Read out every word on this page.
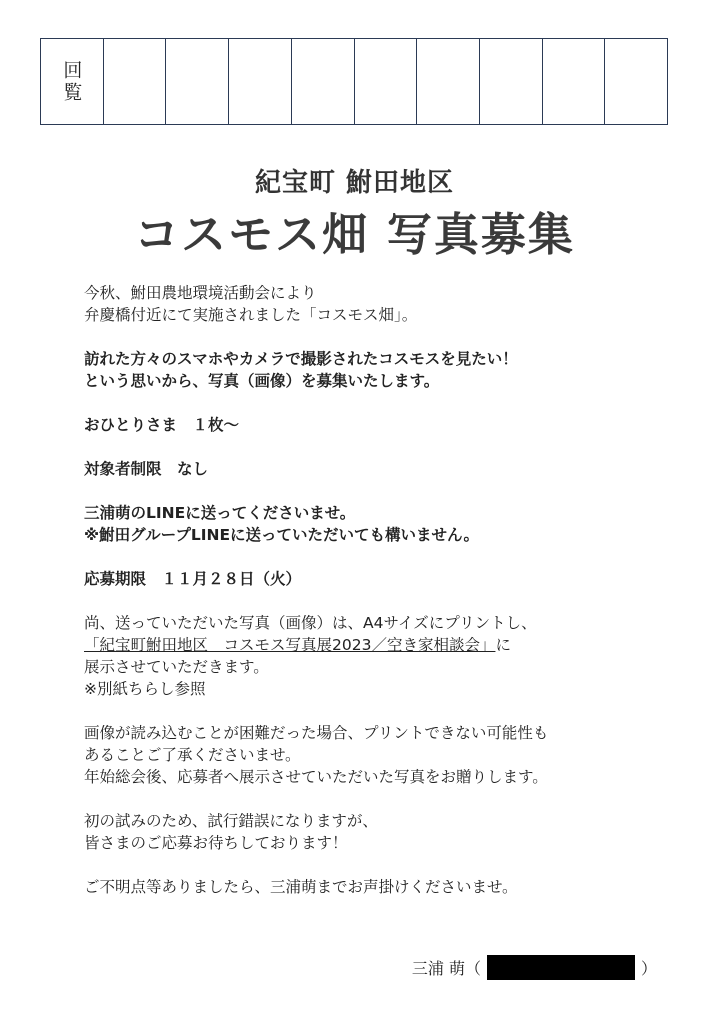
回覧
紀宝町 鮒田地区
コスモス畑 写真募集

今秋、鮒田農地環境活動会により
弁慶橋付近にて実施されました「コスモス畑」。

訪れた方々のスマホやカメラで撮影されたコスモスを見たい！
という思いから、写真（画像）を募集いたします。

おひとりさま　１枚～

対象者制限　なし

三浦萌のLINEに送ってくださいませ。
※鮒田グループLINEに送っていただいても構いません。

応募期限　１１月２８日（火）

尚、送っていただいた写真（画像）は、A4サイズにプリントし、
「紀宝町鮒田地区　コスモス写真展2023／空き家相談会」に
展示させていただきます。
※別紙ちらし参照

画像が読み込むことが困難だった場合、プリントできない可能性も
あることご了承くださいませ。
年始総会後、応募者へ展示させていただいた写真をお贈りします。

初の試みのため、試行錯誤になりますが、
皆さまのご応募お待ちしております！

ご不明点等ありましたら、三浦萌までお声掛けくださいませ。

三浦 萌 （	）
